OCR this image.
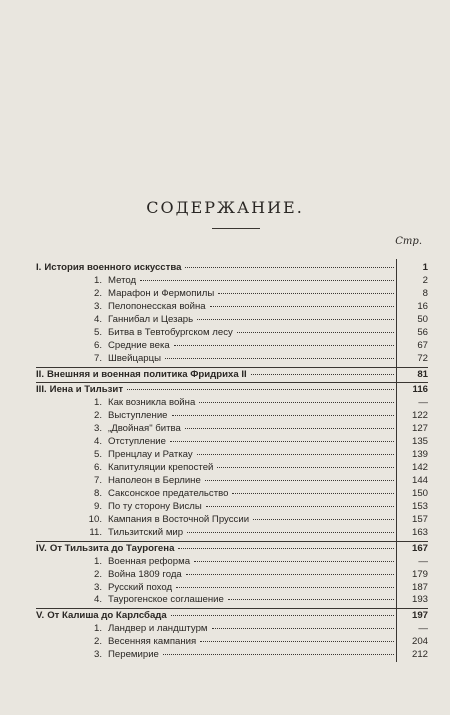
СОДЕРЖАНИЕ.
Стр.
I. История военного искусства	1
1. Метод	2
2. Марафон и Фермопилы	8
3. Пелопонесская война	16
4. Ганнибал и Цезарь	50
5. Битва в Тевтобургском лесу	56
6. Средние века	67
7. Швейцарцы	72
II. Внешняя и военная политика Фридриха II	81
III. Иена и Тильзит	116
1. Как возникла война	—
2. Выступление	122
3. „Двойная" битва	127
4. Отступление	135
5. Пренцлау и Раткау	139
6. Капитуляции крепостей	142
7. Наполеон в Берлине	144
8. Саксонское предательство	150
9. По ту сторону Вислы	153
10. Кампания в Восточной Пруссии	157
11. Тильзитский мир	163
IV. От Тильзита до Таурогена	167
1. Военная реформа	—
2. Война 1809 года	179
3. Русский поход	187
4. Таурогенское соглашение	193
V. От Калиша до Карлсбада	197
1. Ландвер и ландштурм	—
2. Весенняя кампания	204
3. Перемирие	212
